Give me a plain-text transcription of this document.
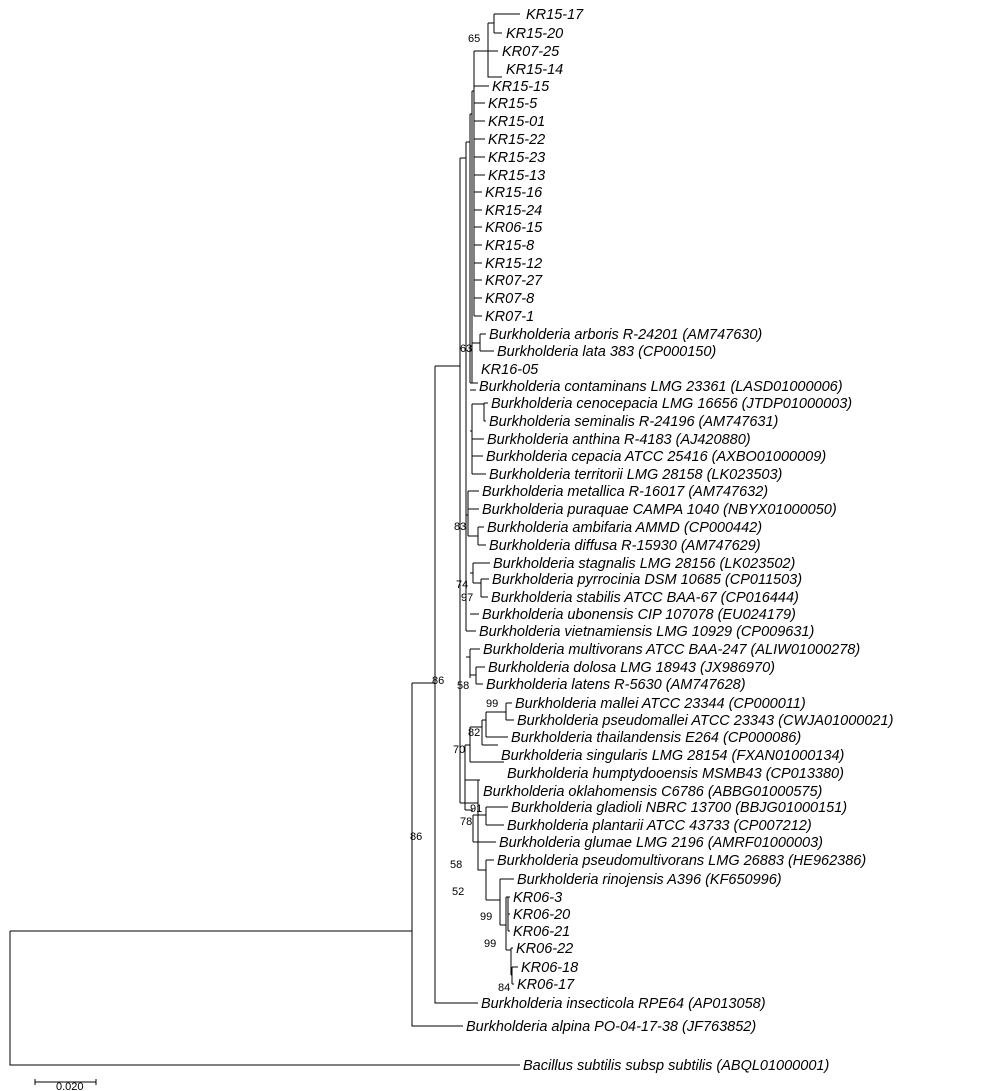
KR15-17
KR15-20
KR07-25
KR15-14
KR15-15
KR15-5
KR15-01
KR15-22
KR15-23
KR15-13
KR15-16
KR15-24
KR06-15
KR15-8
KR15-12
KR07-27
KR07-8
KR07-1
Burkholderia arboris R-24201 (AM747630)
Burkholderia lata 383 (CP000150)
KR16-05
Burkholderia contaminans LMG 23361 (LASD01000006)
Burkholderia cenocepacia LMG 16656 (JTDP01000003)
Burkholderia seminalis R-24196 (AM747631)
Burkholderia anthina R-4183 (AJ420880)
Burkholderia cepacia ATCC 25416 (AXBO01000009)
Burkholderia territorii LMG 28158 (LK023503)
Burkholderia metallica R-16017 (AM747632)
Burkholderia puraquae CAMPA 1040 (NBYX01000050)
Burkholderia ambifaria AMMD (CP000442)
Burkholderia diffusa R-15930 (AM747629)
Burkholderia stagnalis LMG 28156 (LK023502)
Burkholderia pyrrocinia DSM 10685 (CP011503)
Burkholderia stabilis ATCC BAA-67 (CP016444)
Burkholderia ubonensis CIP 107078 (EU024179)
Burkholderia vietnamiensis LMG 10929 (CP009631)
Burkholderia multivorans ATCC BAA-247 (ALIW01000278)
Burkholderia dolosa LMG 18943 (JX986970)
Burkholderia latens R-5630 (AM747628)
Burkholderia mallei ATCC 23344 (CP000011)
Burkholderia pseudomallei ATCC 23343 (CWJA01000021)
Burkholderia thailandensis E264 (CP000086)
Burkholderia singularis LMG 28154 (FXAN01000134)
Burkholderia humptydooensis MSMB43 (CP013380)
Burkholderia oklahomensis C6786 (ABBG01000575)
Burkholderia gladioli NBRC 13700 (BBJG01000151)
Burkholderia plantarii ATCC 43733 (CP007212)
Burkholderia glumae LMG 2196 (AMRF01000003)
Burkholderia pseudomultivorans LMG 26883 (HE962386)
Burkholderia rinojensis A396 (KF650996)
KR06-3
KR06-20
KR06-21
KR06-22
KR06-18
KR06-17
Burkholderia insecticola RPE64 (AP013058)
Burkholderia alpina PO-04-17-38 (JF763852)
Bacillus subtilis subsp subtilis (ABQL01000001)
65
63
83
74
97
58
86
99
82
70
91
78
86
58
52
99
99
84
0.020
